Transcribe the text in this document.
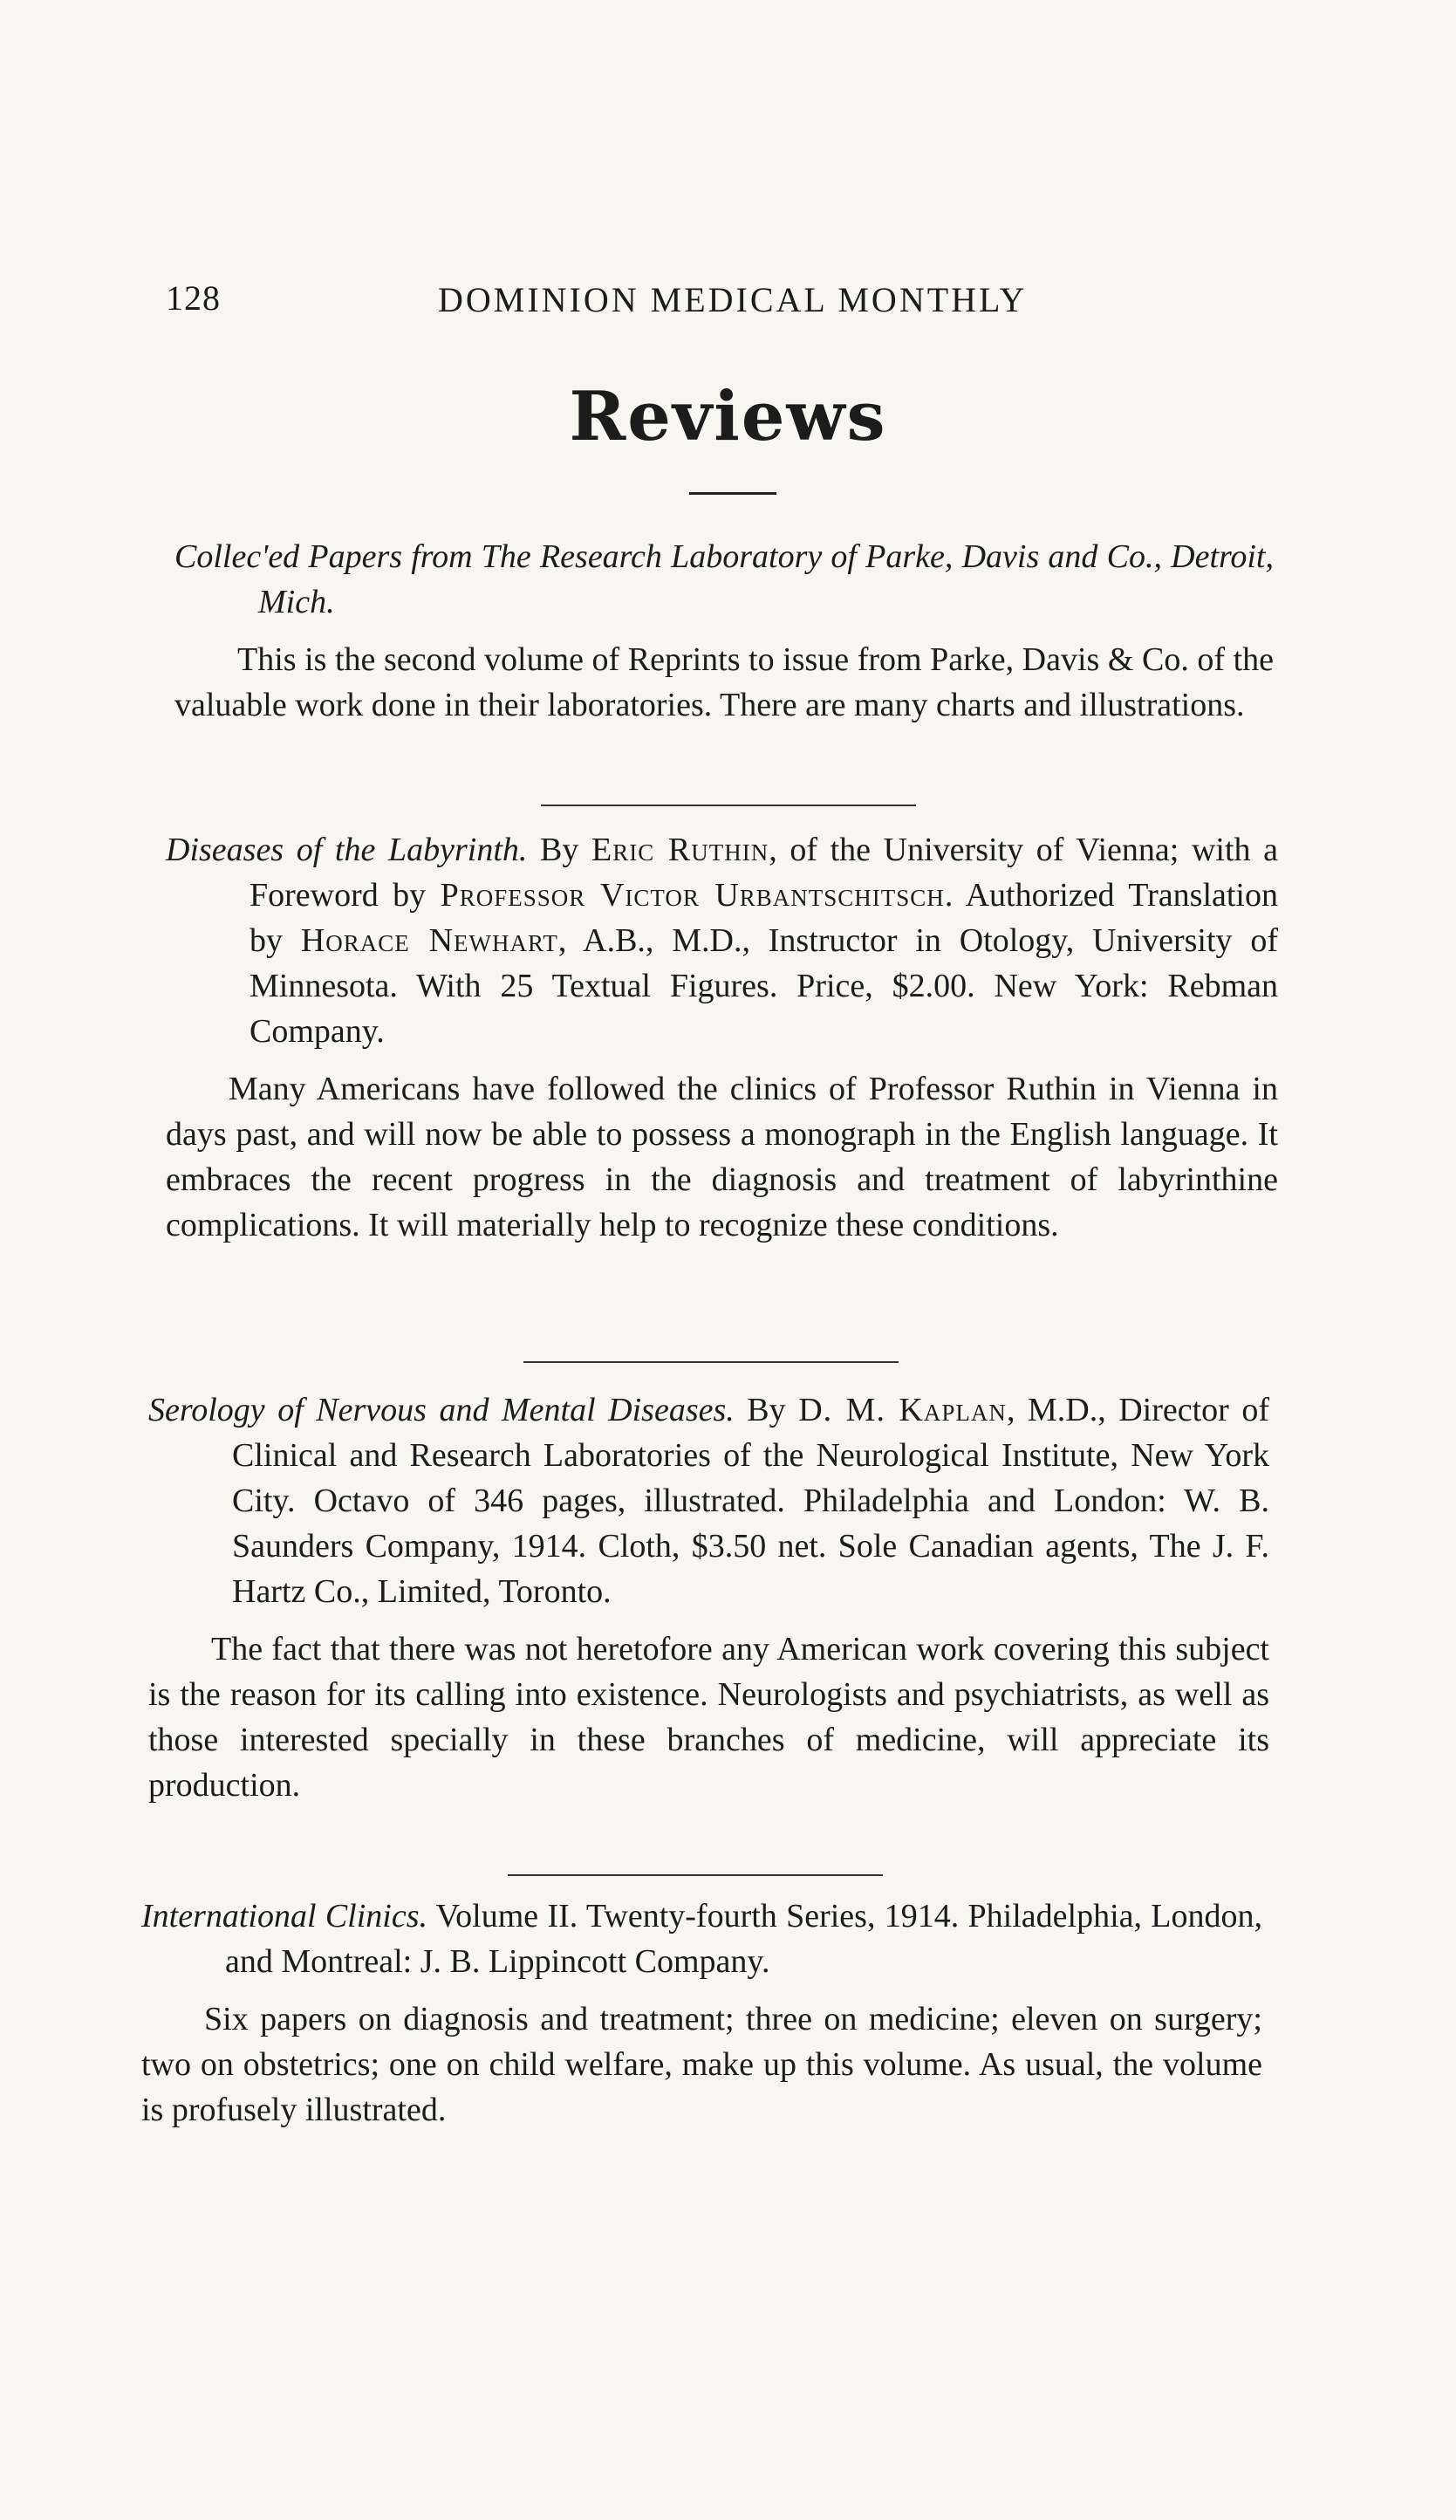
128	DOMINION MEDICAL MONTHLY
Reviews

Collec'ed Papers from The Research Laboratory of Parke, Davis and Co., Detroit, Mich.

This is the second volume of Reprints to issue from Parke, Davis & Co. of the valuable work done in their laboratories. There are many charts and illustrations.

Diseases of the Labyrinth. By Eric Ruthin, of the University of Vienna; with a Foreword by Professor Victor Urbantschitsch. Authorized Translation by Horace Newhart, A.B., M.D., Instructor in Otology, University of Minnesota. With 25 Textual Figures. Price, $2.00. New York: Rebman Company.

Many Americans have followed the clinics of Professor Ruthin in Vienna in days past, and will now be able to possess a monograph in the English language. It embraces the recent progress in the diagnosis and treatment of labyrinthine complications. It will materially help to recognize these conditions.

Serology of Nervous and Mental Diseases. By D. M. Kaplan, M.D., Director of Clinical and Research Laboratories of the Neurological Institute, New York City. Octavo of 346 pages, illustrated. Philadelphia and London: W. B. Saunders Company, 1914. Cloth, $3.50 net. Sole Canadian agents, The J. F. Hartz Co., Limited, Toronto.

The fact that there was not heretofore any American work covering this subject is the reason for its calling into existence. Neurologists and psychiatrists, as well as those interested specially in these branches of medicine, will appreciate its production.

International Clinics. Volume II. Twenty-fourth Series, 1914. Philadelphia, London, and Montreal: J. B. Lippincott Company.

Six papers on diagnosis and treatment; three on medicine; eleven on surgery; two on obstetrics; one on child welfare, make up this volume. As usual, the volume is profusely illustrated.
